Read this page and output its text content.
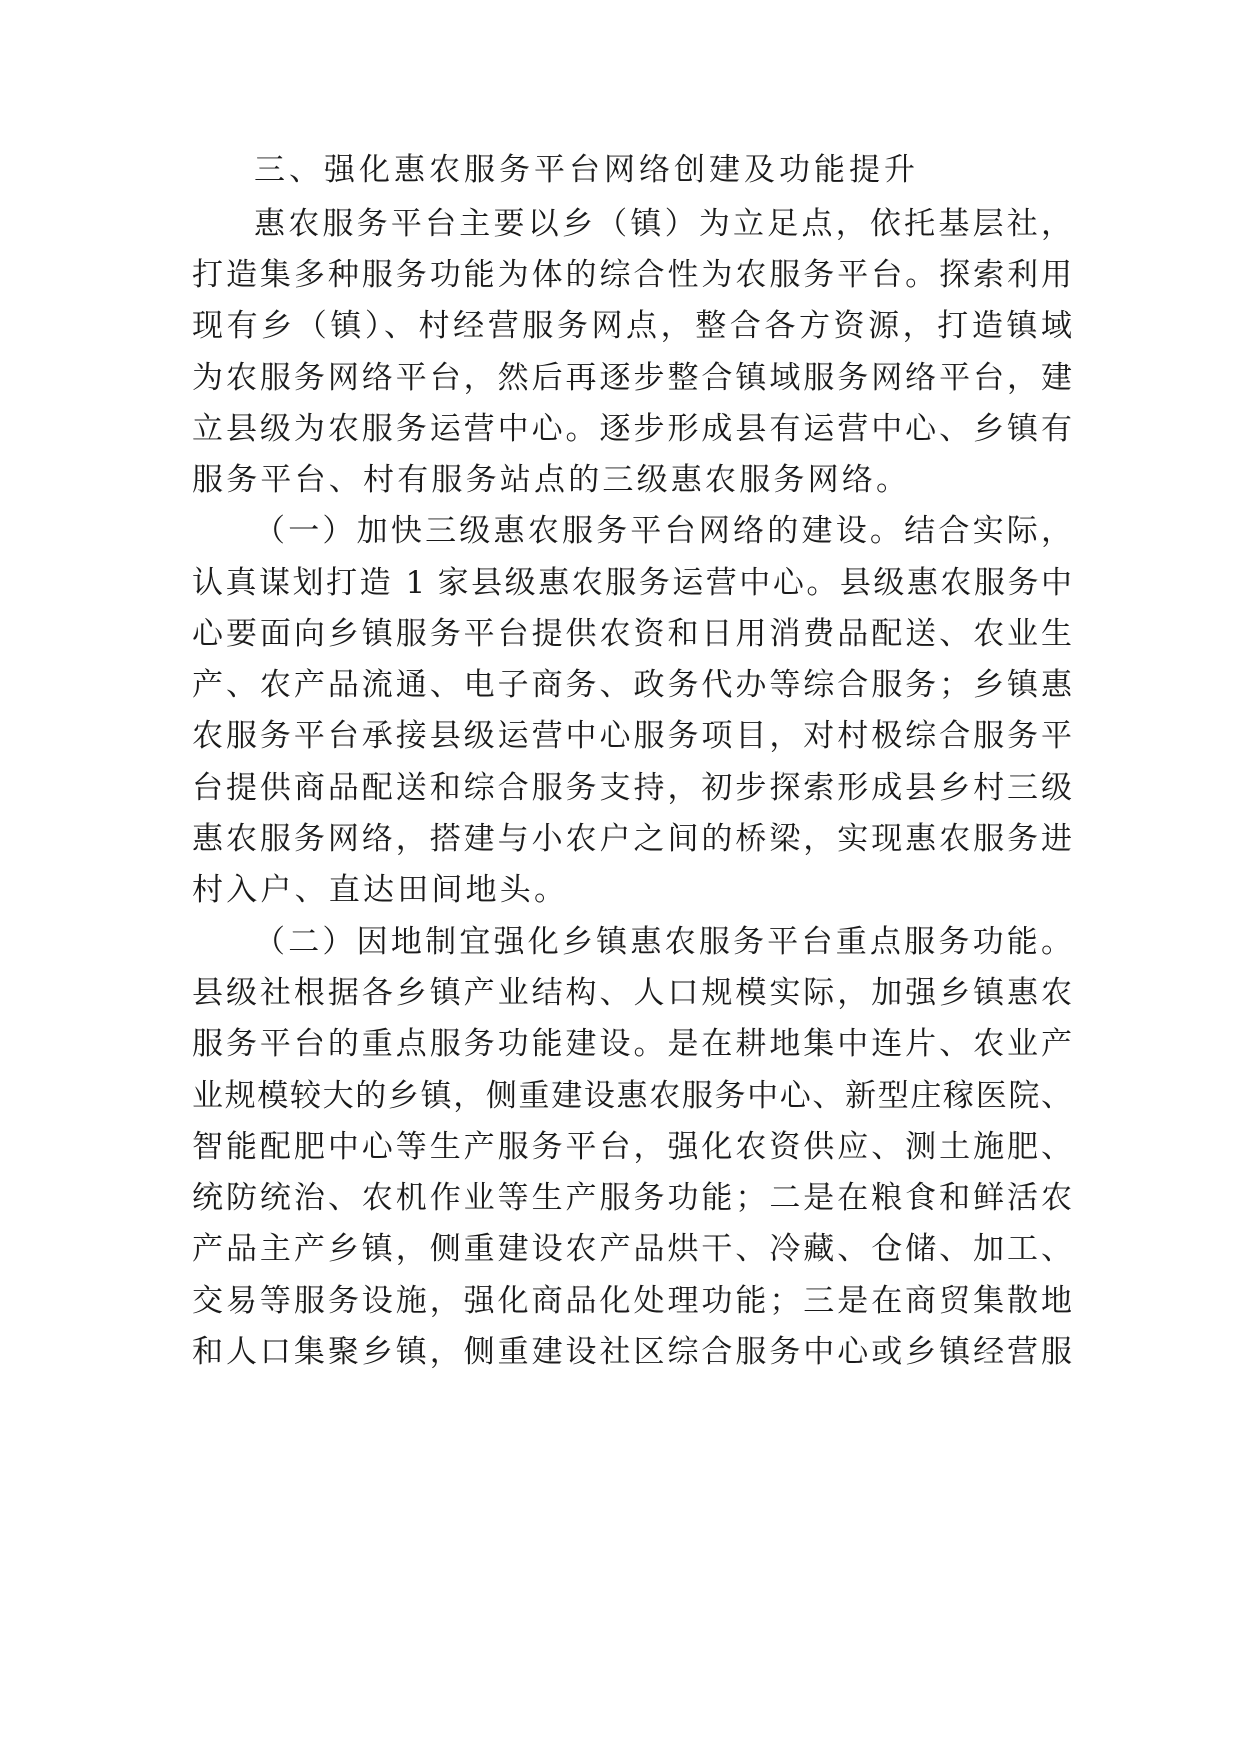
三、强化惠农服务平台网络创建及功能提升
惠农服务平台主要以乡（镇）为立足点，依托基层社，
打造集多种服务功能为体的综合性为农服务平台。探索利用
现有乡（镇）、村经营服务网点，整合各方资源，打造镇域
为农服务网络平台，然后再逐步整合镇域服务网络平台，建
立县级为农服务运营中心。逐步形成县有运营中心、乡镇有
服务平台、村有服务站点的三级惠农服务网络。
（一）加快三级惠农服务平台网络的建设。结合实际，
认真谋划打造 1 家县级惠农服务运营中心。县级惠农服务中
心要面向乡镇服务平台提供农资和日用消费品配送、农业生
产、农产品流通、电子商务、政务代办等综合服务；乡镇惠
农服务平台承接县级运营中心服务项目，对村极综合服务平
台提供商品配送和综合服务支持，初步探索形成县乡村三级
惠农服务网络，搭建与小农户之间的桥梁，实现惠农服务进
村入户、直达田间地头。
（二）因地制宜强化乡镇惠农服务平台重点服务功能。
县级社根据各乡镇产业结构、人口规模实际，加强乡镇惠农
服务平台的重点服务功能建设。是在耕地集中连片、农业产
业规模较大的乡镇，侧重建设惠农服务中心、新型庄稼医院、
智能配肥中心等生产服务平台，强化农资供应、测土施肥、
统防统治、农机作业等生产服务功能；二是在粮食和鲜活农
产品主产乡镇，侧重建设农产品烘干、冷藏、仓储、加工、
交易等服务设施，强化商品化处理功能；三是在商贸集散地
和人口集聚乡镇，侧重建设社区综合服务中心或乡镇经营服
